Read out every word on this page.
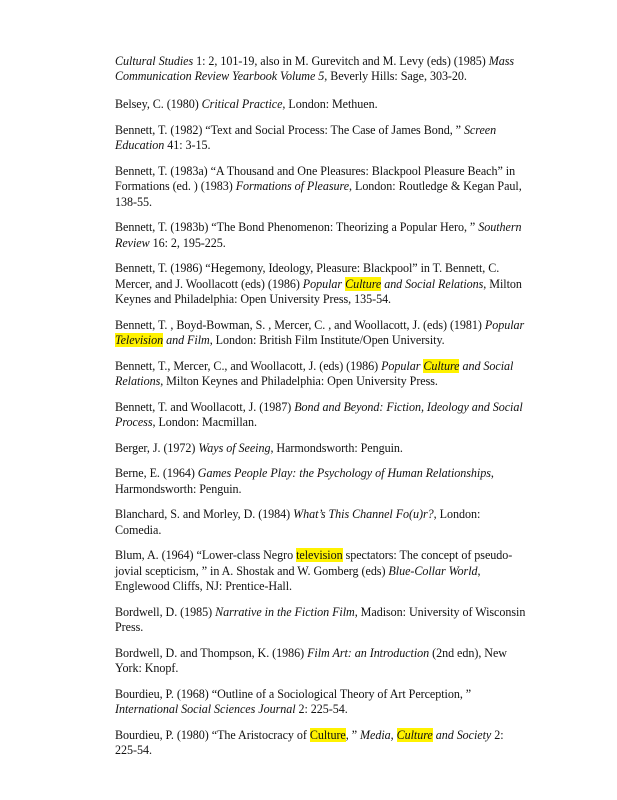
Cultural Studies 1: 2, 101-19, also in M. Gurevitch and M. Levy (eds) (1985) Mass Communication Review Yearbook Volume 5, Beverly Hills: Sage, 303-20.

Belsey, C. (1980) Critical Practice, London: Methuen.

Bennett, T. (1982) “Text and Social Process: The Case of James Bond, ” Screen Education 41: 3-15.

Bennett, T. (1983a) “A Thousand and One Pleasures: Blackpool Pleasure Beach” in Formations (ed. ) (1983) Formations of Pleasure, London: Routledge & Kegan Paul, 138-55.

Bennett, T. (1983b) “The Bond Phenomenon: Theorizing a Popular Hero, ” Southern Review 16: 2, 195-225.

Bennett, T. (1986) “Hegemony, Ideology, Pleasure: Blackpool” in T. Bennett, C. Mercer, and J. Woollacott (eds) (1986) Popular Culture and Social Relations, Milton Keynes and Philadelphia: Open University Press, 135-54.

Bennett, T. , Boyd-Bowman, S. , Mercer, C. , and Woollacott, J. (eds) (1981) Popular Television and Film, London: British Film Institute/Open University.

Bennett, T., Mercer, C., and Woollacott, J. (eds) (1986) Popular Culture and Social Relations, Milton Keynes and Philadelphia: Open University Press.

Bennett, T. and Woollacott, J. (1987) Bond and Beyond: Fiction, Ideology and Social Process, London: Macmillan.

Berger, J. (1972) Ways of Seeing, Harmondsworth: Penguin.

Berne, E. (1964) Games People Play: the Psychology of Human Relationships, Harmondsworth: Penguin.

Blanchard, S. and Morley, D. (1984) What’s This Channel Fo(u)r?, London: Comedia.

Blum, A. (1964) “Lower-class Negro television spectators: The concept of pseudo-jovial scepticism, ” in A. Shostak and W. Gomberg (eds) Blue-Collar World, Englewood Cliffs, NJ: Prentice-Hall.

Bordwell, D. (1985) Narrative in the Fiction Film, Madison: University of Wisconsin Press.

Bordwell, D. and Thompson, K. (1986) Film Art: an Introduction (2nd edn), New York: Knopf.

Bourdieu, P. (1968) “Outline of a Sociological Theory of Art Perception, ” International Social Sciences Journal 2: 225-54.

Bourdieu, P. (1980) “The Aristocracy of Culture, ” Media, Culture and Society 2: 225-54.
